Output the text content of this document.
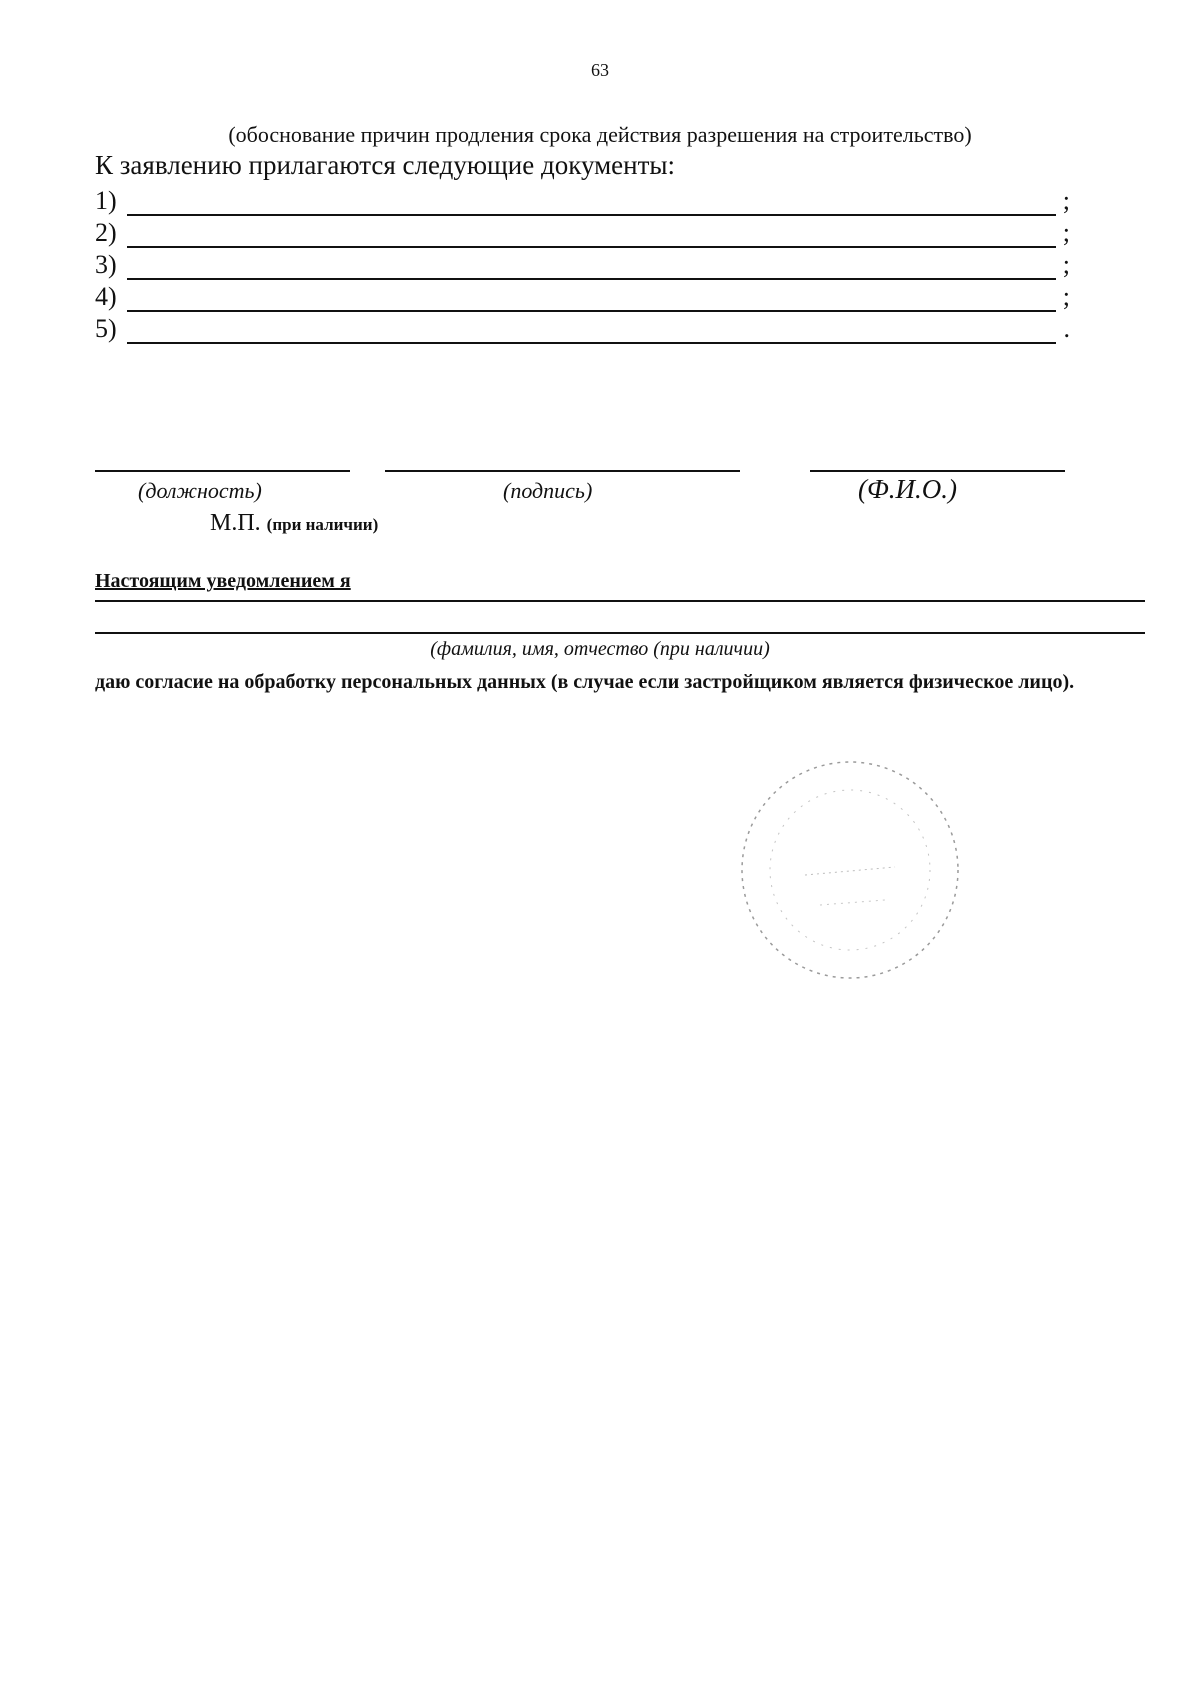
63
(обоснование причин продления срока действия разрешения на строительство)
К заявлению прилагаются следующие документы:
1)	;
2)	;
3)	;
4)	;
5)	.
(должность)	(подпись)	(Ф.И.О.)
М.П. (при наличии)
Настоящим уведомлением я
(фамилия, имя, отчество (при наличии)
даю согласие на обработку персональных данных (в случае если застройщиком является физическое лицо).
